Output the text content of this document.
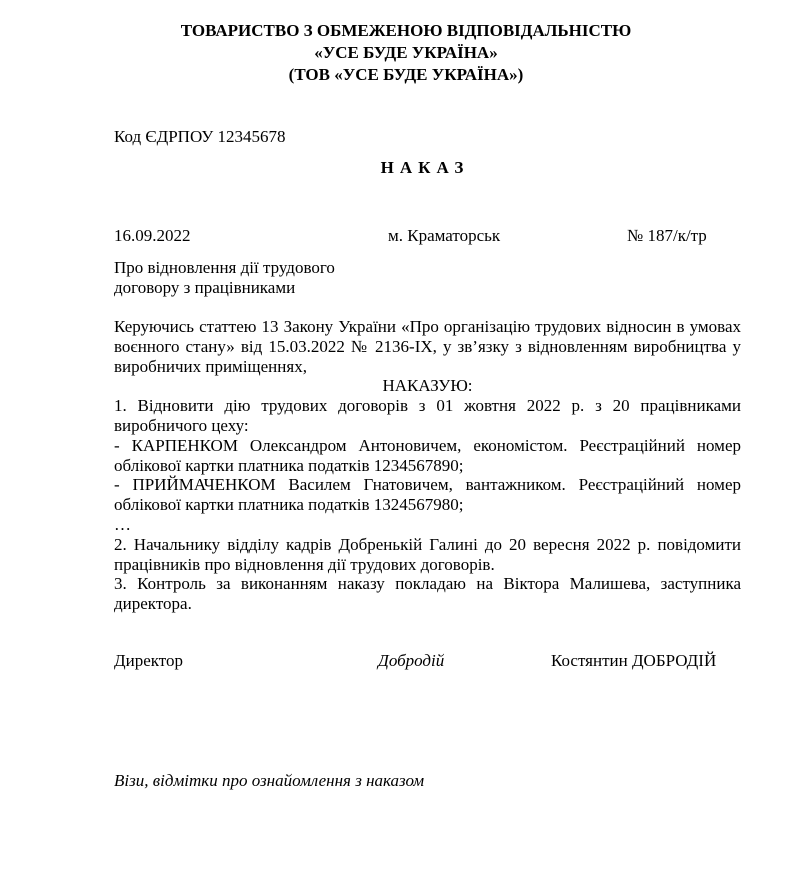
ТОВАРИСТВО З ОБМЕЖЕНОЮ ВІДПОВІДАЛЬНІСТЮ
«УСЕ БУДЕ УКРАЇНА»
(ТОВ «УСЕ БУДЕ УКРАЇНА»)
Код ЄДРПОУ 12345678
НАКАЗ
16.09.2022	м. Краматорськ	№ 187/к/тр
Про відновлення дії трудового
договору з працівниками

Керуючись статтею 13 Закону України «Про організацію трудових відносин в умовах воєнного стану» від 15.03.2022 № 2136-IX, у зв’язку з відновленням виробництва у виробничих приміщеннях,

НАКАЗУЮ:

1. Відновити дію трудових договорів з 01 жовтня 2022 р. з 20 працівниками виробничого цеху:

- КАРПЕНКОМ Олександром Антоновичем, економістом. Реєстраційний номер облікової картки платника податків 1234567890;

- ПРИЙМАЧЕНКОМ Василем Гнатовичем, вантажником. Реєстраційний номер облікової картки платника податків 1324567980;

…

2. Начальнику відділу кадрів Добренькій Галині до 20 вересня 2022 р. повідомити працівників про відновлення дії трудових договорів.

3. Контроль за виконанням наказу покладаю на Віктора Малишева, заступника директора.

Директор	Добродій	Костянтин ДОБРОДІЙ
Візи, відмітки про ознайомлення з наказом
